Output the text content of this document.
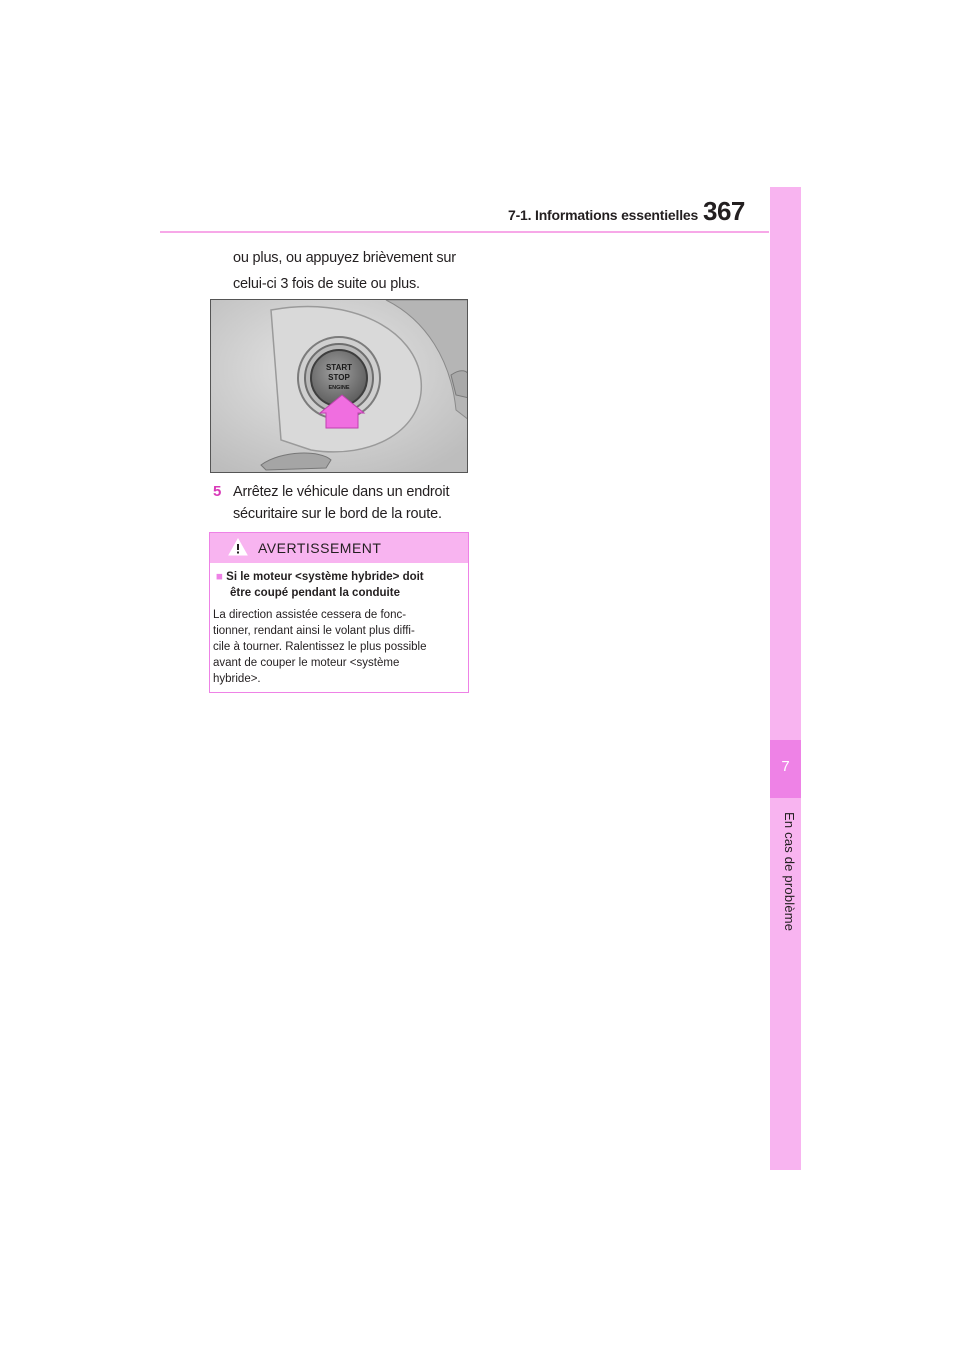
7-1. Informations essentielles 367
7
En cas de problème
ou plus, ou appuyez brièvement sur
celui-ci 3 fois de suite ou plus.
START
STOP
ENGINE
5 Arrêtez le véhicule dans un endroit
sécuritaire sur le bord de la route.
AVERTISSEMENT
■ Si le moteur <système hybride> doit
être coupé pendant la conduite
La direction assistée cessera de fonc-
tionner, rendant ainsi le volant plus diffi-
cile à tourner. Ralentissez le plus possible
avant de couper le moteur <système
hybride>.
